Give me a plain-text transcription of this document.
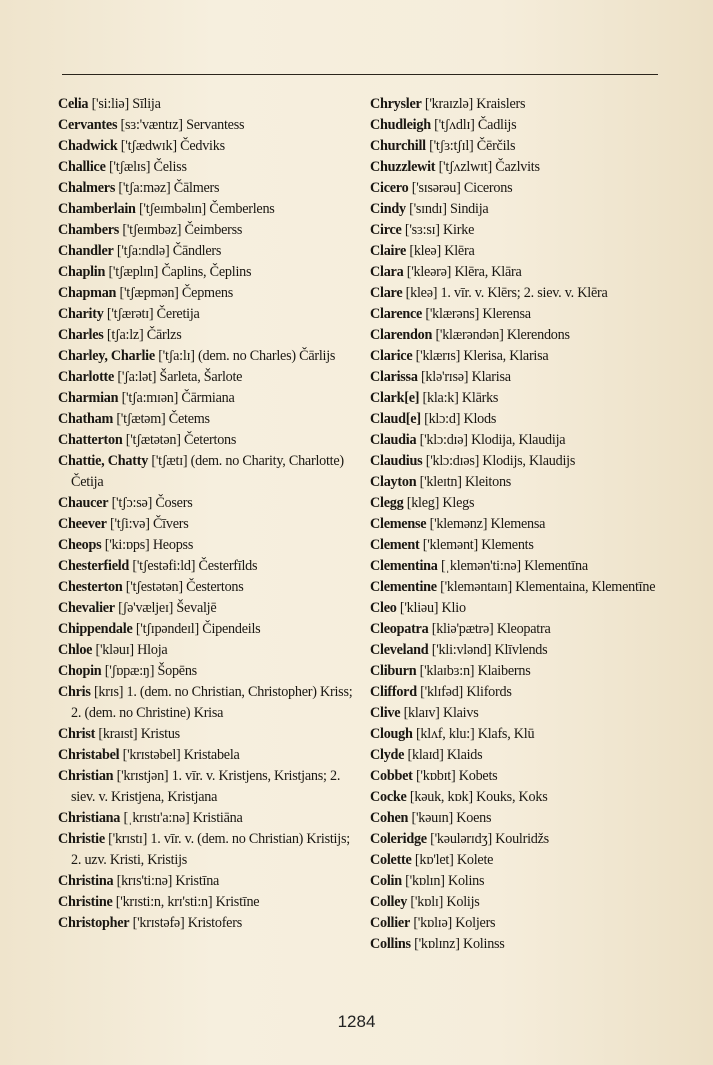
Celia ['si:liə] Sīlija
Cervantes [sɜ:'væntɪz] Servantess
Chadwick ['tʃædwɪk] Čedviks
Challice ['tʃælɪs] Čeliss
Chalmers ['tʃa:məz] Čālmers
Chamberlain ['tʃeɪmbəlɪn] Čemberlens
Chambers ['tʃeɪmbəz] Čeimberss
Chandler ['tʃa:ndlə] Čāndlers
Chaplin ['tʃæplɪn] Čaplins, Čeplins
Chapman ['tʃæpmən] Čepmens
Charity ['tʃærətɪ] Čeretija
Charles [tʃa:lz] Čārlzs
Charley, Charlie ['tʃa:lɪ] (dem. no Charles) Čārlijs
Charlotte ['ʃa:lət] Šarleta, Šarlote
Charmian ['tʃa:mɪən] Čārmiana
Chatham ['tʃætəm] Četems
Chatterton ['tʃætətən] Četertons
Chattie, Chatty ['tʃætɪ] (dem. no Charity, Charlotte) Četija
Chaucer ['tʃɔ:sə] Čosers
Cheever ['tʃi:və] Čīvers
Cheops ['ki:ɒps] Heopss
Chesterfield ['tʃestəfi:ld] Česterfīlds
Chesterton ['tʃestətən] Čestertons
Chevalier [ʃə'væljeɪ] Ševaljē
Chippendale ['tʃɪpəndeɪl] Čipendeils
Chloe ['kləuɪ] Hloja
Chopin ['ʃɒpæ:ŋ] Šopēns
Chris [krɪs] 1. (dem. no Christian, Christopher) Kriss; 2. (dem. no Christine) Krisa
Christ [kraɪst] Kristus
Christabel ['krɪstəbel] Kristabela
Christian ['krɪstjən] 1. vīr. v. Kristjens, Kristjans; 2. siev. v. Kristjena, Kristjana
Christiana [ˌkrɪstɪ'a:nə] Kristiāna
Christie ['krɪstɪ] 1. vīr. v. (dem. no Christian) Kristijs; 2. uzv. Kristi, Kristijs
Christina [krɪs'ti:nə] Kristīna
Christine ['krɪsti:n, krɪ'sti:n] Kristīne
Christopher ['krɪstəfə] Kristofers
Chrysler ['kraɪzlə] Kraislers
Chudleigh ['tʃʌdlɪ] Čadlijs
Churchill ['tʃɜ:tʃɪl] Čērčils
Chuzzlewit ['tʃʌzlwɪt] Čazlvits
Cicero ['sɪsərəu] Cicerons
Cindy ['sɪndɪ] Sindija
Circe ['sɜ:sɪ] Kirke
Claire [kleə] Klēra
Clara ['kleərə] Klēra, Klāra
Clare [kleə] 1. vīr. v. Klērs; 2. siev. v. Klēra
Clarence ['klærəns] Klerensa
Clarendon ['klærəndən] Klerendons
Clarice ['klærɪs] Klerisa, Klarisa
Clarissa [klə'rɪsə] Klarisa
Clark[e] [kla:k] Klārks
Claud[e] [klɔ:d] Klods
Claudia ['klɔ:dɪə] Klodija, Klaudija
Claudius ['klɔ:dɪəs] Klodijs, Klaudijs
Clayton ['kleɪtn] Kleitons
Clegg [kleg] Klegs
Clemense ['klemənz] Klemensa
Clement ['klemənt] Klements
Clementina [ˌklemən'ti:nə] Klementīna
Clementine ['kleməntaɪn] Klementaina, Klementīne
Cleo ['kliəu] Klio
Cleopatra [kliə'pætrə] Kleopatra
Cleveland ['kli:vlənd] Klīvlends
Cliburn ['klaɪbɜ:n] Klaiberns
Clifford ['klɪfəd] Klifords
Clive [klaɪv] Klaivs
Clough [klʌf, klu:] Klafs, Klū
Clyde [klaɪd] Klaids
Cobbet ['kɒbɪt] Kobets
Cocke [kəuk, kɒk] Kouks, Koks
Cohen ['kəuɪn] Koens
Coleridge ['kəulərɪdʒ] Koulridžs
Colette [kɒ'let] Kolete
Colin ['kɒlɪn] Kolins
Colley ['kɒlɪ] Kolijs
Collier ['kɒlɪə] Koljers
Collins ['kɒlɪnz] Kolinss
1284
